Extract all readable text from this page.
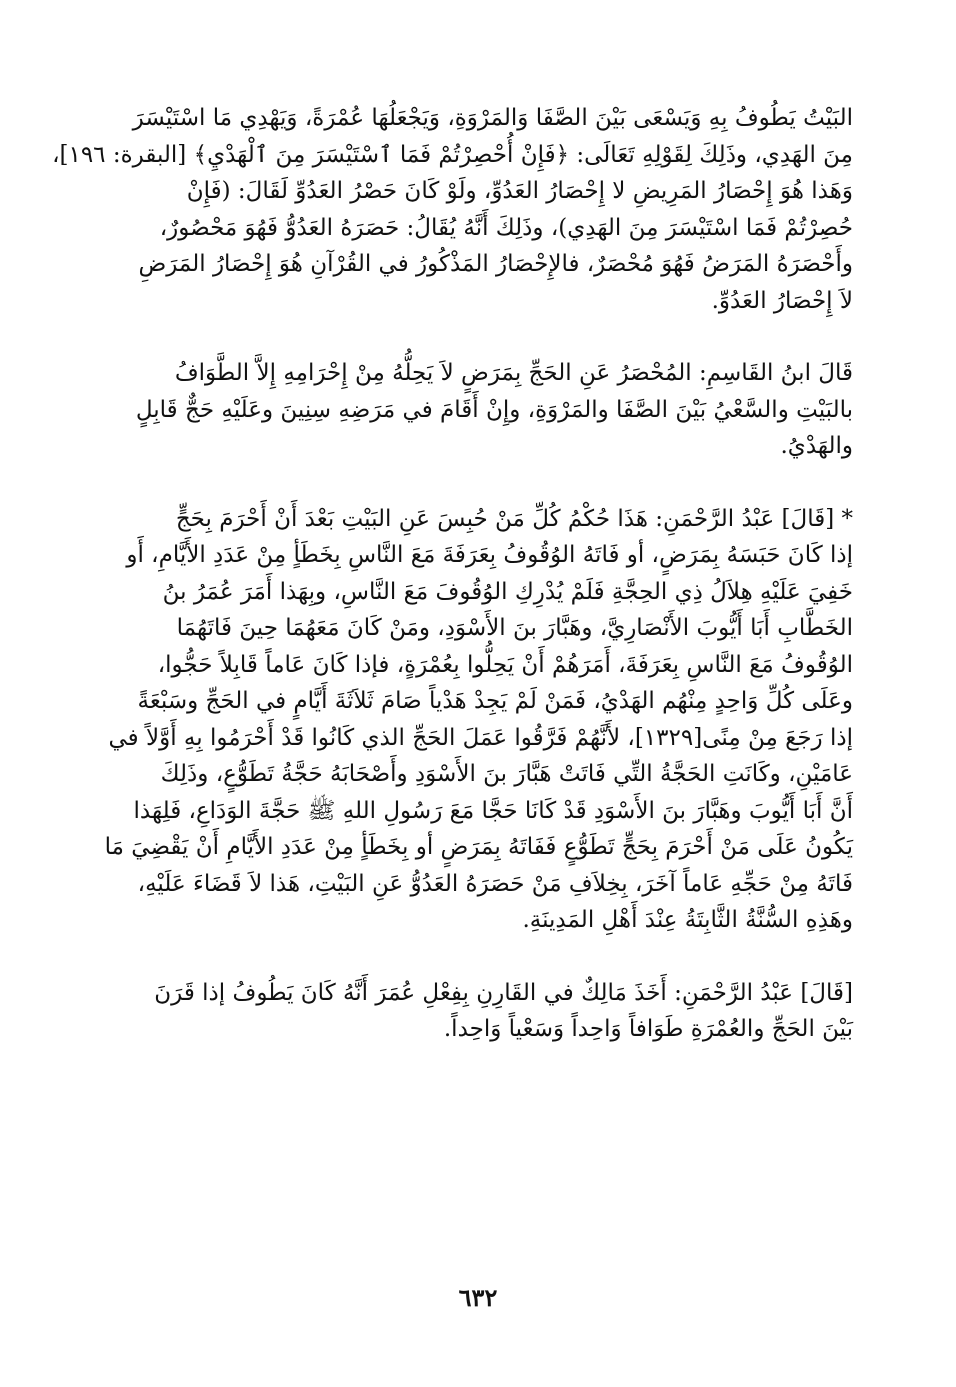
البَيْتُ يَطُوفُ بِهِ وَيَسْعَى بَيْنَ الصَّفَا وَالمَرْوَةِ، وَيَجْعَلُهَا عُمْرَةً، وَيَهْدِي مَا اسْتَيْسَرَ
مِنَ الهَدِي، وذَلِكَ لِقَوْلِهِ تَعَالَى: ﴿فَإِنْ أُحْصِرْتُمْ فَمَا ٱسْتَيْسَرَ مِنَ ٱلْهَدْيِ﴾ [البقرة: ١٩٦]،
وَهَذا هُوَ إِحْصَارُ المَرِيضِ لا إِحْصَارُ العَدُوِّ، ولَوْ كَانَ حَصْرُ العَدُوِّ لَقَالَ: (فَإِنْ
حُصِرْتُمْ فَمَا اسْتَيْسَرَ مِنَ الهَدِي)، وذَلِكَ أَنَّهُ يُقَالُ: حَصَرَهُ العَدُوُّ فَهُوَ مَحْصُورٌ،
وأَحْصَرَهُ المَرَضُ فَهُوَ مُحْصَرٌ، فالإِحْصَارُ المَذْكُورُ في القُرْآنِ هُوَ إِحْصَارُ المَرَضِ
لاَ إِحْصَارُ العَدُوِّ.
قَالَ ابنُ القَاسِمِ: المُحْصَرُ عَنِ الحَجِّ بِمَرَضٍ لاَ يَحِلُّهُ مِنْ إِحْرَامِهِ إِلاَّ الطَّوَافُ
بالبَيْتِ والسَّعْيُ بَيْنَ الصَّفَا والمَرْوَةِ، وإِنْ أَقَامَ في مَرَضِهِ سِنِينَ وعَلَيْهِ حَجٌّ قَابِلٍ
والهَدْيُ.
* [قَالَ] عَبْدُ الرَّحْمَنِ: هَذَا حُكْمُ كُلِّ مَنْ حُبِسَ عَنِ البَيْتِ بَعْدَ أَنْ أَحْرَمَ بِحَجٍّ
إذا كَانَ حَبَسَهُ بِمَرَضٍ، أو فَاتَهُ الوُقُوفُ بِعَرَفَةَ مَعَ النَّاسِ بِخَطَأٍ مِنْ عَدَدِ الأَيَّامِ، أَو
خَفِيَ عَلَيْهِ هِلاَلُ ذِي الحِجَّةِ فَلَمْ يُدْرِكِ الوُقُوفَ مَعَ النَّاسِ، وبِهَذا أَمَرَ عُمَرُ بنُ
الخَطَّابِ أَبَا أَيُّوبَ الأَنْصَارِيَّ، وهَبَّارَ بنَ الأَسْوَدِ، ومَنْ كَانَ مَعَهُمَا حِينَ فَاتَهُمَا
الوُقُوفُ مَعَ النَّاسِ بِعَرَفَةَ، أَمَرَهُمْ أَنْ يَحِلُّوا بِعُمْرَةٍ، فإذا كَانَ عَاماً قَابِلاً حَجُّوا،
وعَلَى كُلِّ وَاحِدٍ مِنْهُم الهَدْيُ، فَمَنْ لَمْ يَجِدْ هَدْياً صَامَ ثَلاَثَةَ أَيَّامٍ في الحَجِّ وسَبْعَةً
إذا رَجَعَ مِنْ مِنًى[١٣٢٩]، لأَنَّهُمْ فَرَّقُوا عَمَلَ الحَجِّ الذي كَانُوا قَدْ أَحْرَمُوا بِهِ أَوَّلاً في
عَامَيْنِ، وكَانَتِ الحَجَّةُ التِّي فَاتَتْ هَبَّارَ بنَ الأَسْوَدِ وأَصْحَابَهُ حَجَّةُ تَطَوُّعٍ، وذَلِكَ
أَنَّ أَبَا أَيُّوبَ وهَبَّارَ بنَ الأَسْوَدِ قَدْ كَانَا حَجَّا مَعَ رَسُولِ اللهِ ﷺ حَجَّةَ الوَدَاعِ، فَلِهَذا
يَكُونُ عَلَى مَنْ أَحْرَمَ بِحَجٍّ تَطَوُّعٍ فَفَاتَهُ بِمَرَضٍ أو بِخَطَأٍ مِنْ عَدَدِ الأَيَّامِ أَنْ يَقْضِيَ مَا
فَاتَهُ مِنْ حَجِّهِ عَاماً آخَرَ، بِخِلاَفِ مَنْ حَصَرَهُ العَدُوُّ عَنِ البَيْتِ، هَذا لاَ قَضَاءَ عَلَيْهِ،
وهَذِهِ السُّنَّةُ الثَّابِتَةُ عِنْدَ أَهْلِ المَدِينَةِ.
[قَالَ] عَبْدُ الرَّحْمَنِ: أَخَذَ مَالِكٌ في القَارِنِ بِفِعْلِ عُمَرَ أَنَّهُ كَانَ يَطُوفُ إذا قَرَنَ
بَيْنَ الحَجِّ والعُمْرَةِ طَوَافاً وَاحِداً وَسَعْياً وَاحِداً.
٦٣٢
